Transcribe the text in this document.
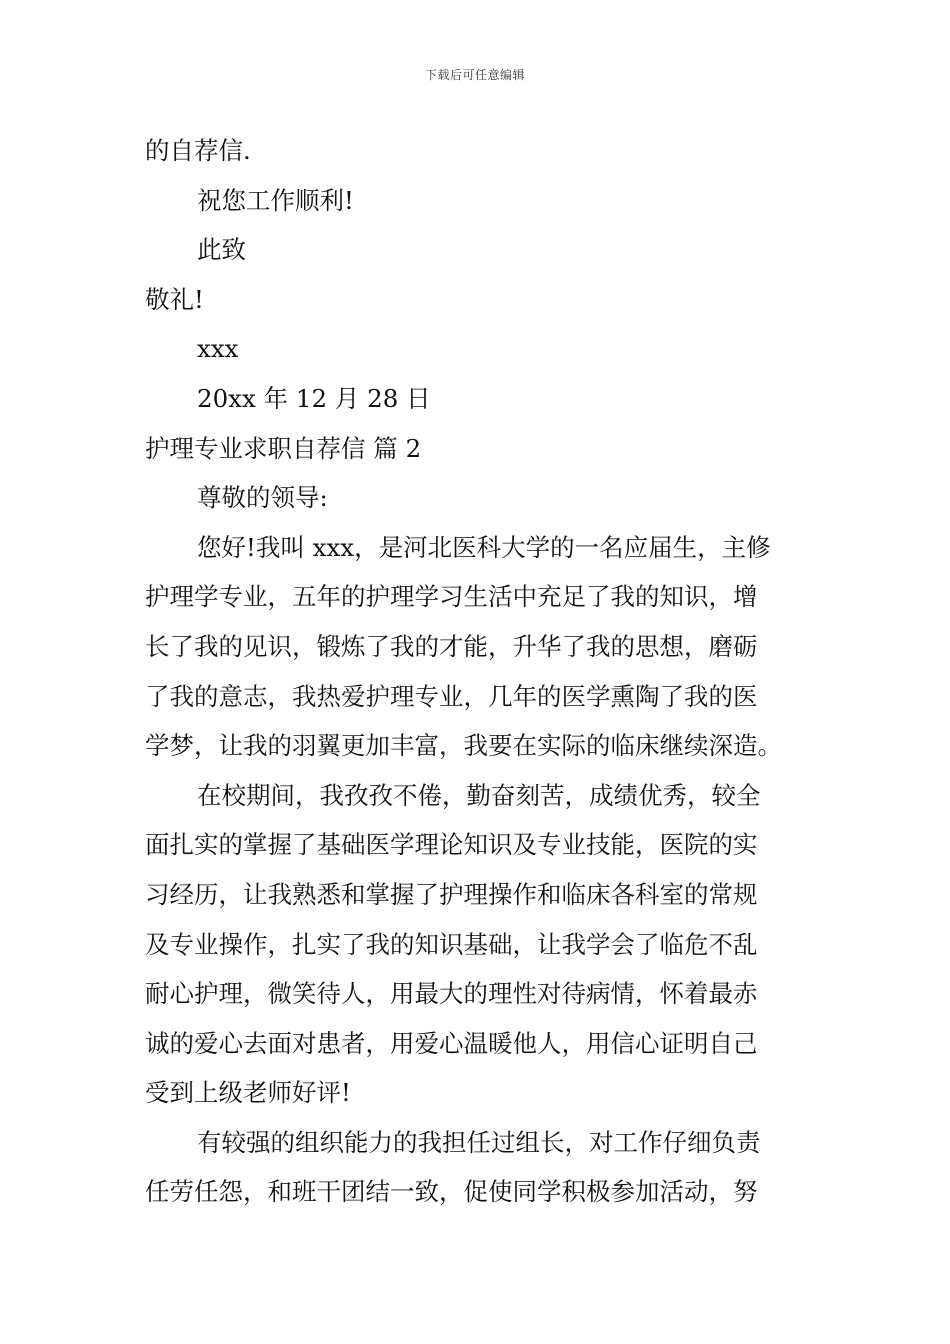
下载后可任意编辑
的自荐信.
祝您工作顺利!
此致
敬礼!
xxx
20xx 年 12 月 28 日
护理专业求职自荐信 篇 2
尊敬的领导:
您好!我叫 xxx，是河北医科大学的一名应届生，主修
护理学专业，五年的护理学习生活中充足了我的知识，增
长了我的见识，锻炼了我的才能，升华了我的思想，磨砺
了我的意志，我热爱护理专业，几年的医学熏陶了我的医
学梦，让我的羽翼更加丰富，我要在实际的临床继续深造。
在校期间，我孜孜不倦，勤奋刻苦，成绩优秀，较全
面扎实的掌握了基础医学理论知识及专业技能，医院的实
习经历，让我熟悉和掌握了护理操作和临床各科室的常规
及专业操作，扎实了我的知识基础，让我学会了临危不乱
耐心护理，微笑待人，用最大的理性对待病情，怀着最赤
诚的爱心去面对患者，用爱心温暖他人，用信心证明自己
受到上级老师好评!
有较强的组织能力的我担任过组长，对工作仔细负责
任劳任怨，和班干团结一致，促使同学积极参加活动，努
